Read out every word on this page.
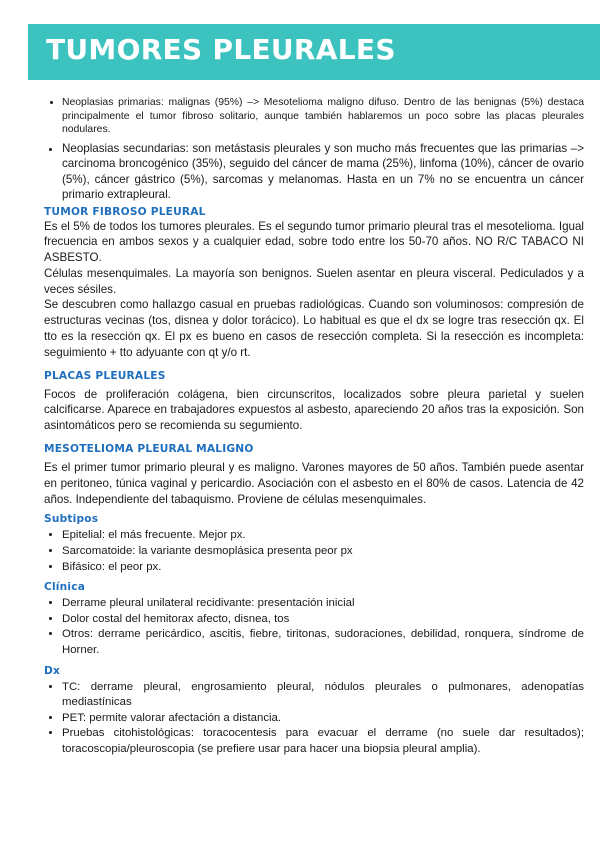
TUMORES PLEURALES
• Neoplasias primarias: malignas (95%) –> Mesotelioma maligno difuso. Dentro de las benignas (5%) destaca principalmente el tumor fibroso solitario, aunque también hablaremos un poco sobre las placas pleurales nodulares.
• Neoplasias secundarias: son metástasis pleurales y son mucho más frecuentes que las primarias –> carcinoma broncogénico (35%), seguido del cáncer de mama (25%), linfoma (10%), cáncer de ovario (5%), cáncer gástrico (5%), sarcomas y melanomas. Hasta en un 7% no se encuentra un cáncer primario extrapleural.
TUMOR FIBROSO PLEURAL

Es el 5% de todos los tumores pleurales. Es el segundo tumor primario pleural tras el mesotelioma. Igual frecuencia en ambos sexos y a cualquier edad, sobre todo entre los 50-70 años. NO R/C TABACO NI ASBESTO.

Células mesenquimales. La mayoría son benignos. Suelen asentar en pleura visceral. Pediculados y a veces sésiles.

Se descubren como hallazgo casual en pruebas radiológicas. Cuando son voluminosos: compresión de estructuras vecinas (tos, disnea y dolor torácico). Lo habitual es que el dx se logre tras resección qx. El tto es la resección qx. El px es bueno en casos de resección completa. Si la resección es incompleta: seguimiento + tto adyuante con qt y/o rt.

PLACAS PLEURALES

Focos de proliferación colágena, bien circunscritos, localizados sobre pleura parietal y suelen calcificarse. Aparece en trabajadores expuestos al asbesto, apareciendo 20 años tras la exposición. Son asintomáticos pero se recomienda su segumiento.

MESOTELIOMA PLEURAL MALIGNO

Es el primer tumor primario pleural y es maligno. Varones mayores de 50 años. También puede asentar en peritoneo, túnica vaginal y pericardio. Asociación con el asbesto en el 80% de casos. Latencia de 42 años. Independiente del tabaquismo. Proviene de células mesenquimales.

Subtipos
• Epitelial: el más frecuente. Mejor px.
• Sarcomatoide: la variante desmoplásica presenta peor px
• Bifásico: el peor px.
Clínica
• Derrame pleural unilateral recidivante: presentación inicial
• Dolor costal del hemitorax afecto, disnea, tos
• Otros: derrame pericárdico, ascitis, fiebre, tiritonas, sudoraciones, debilidad, ronquera, síndrome de Horner.
Dx
• TC: derrame pleural, engrosamiento pleural, nódulos pleurales o pulmonares, adenopatías mediastínicas
• PET: permite valorar afectación a distancia.
• Pruebas citohistológicas: toracocentesis para evacuar el derrame (no suele dar resultados); toracoscopia/pleuroscopia (se prefiere usar para hacer una biopsia pleural amplia).
